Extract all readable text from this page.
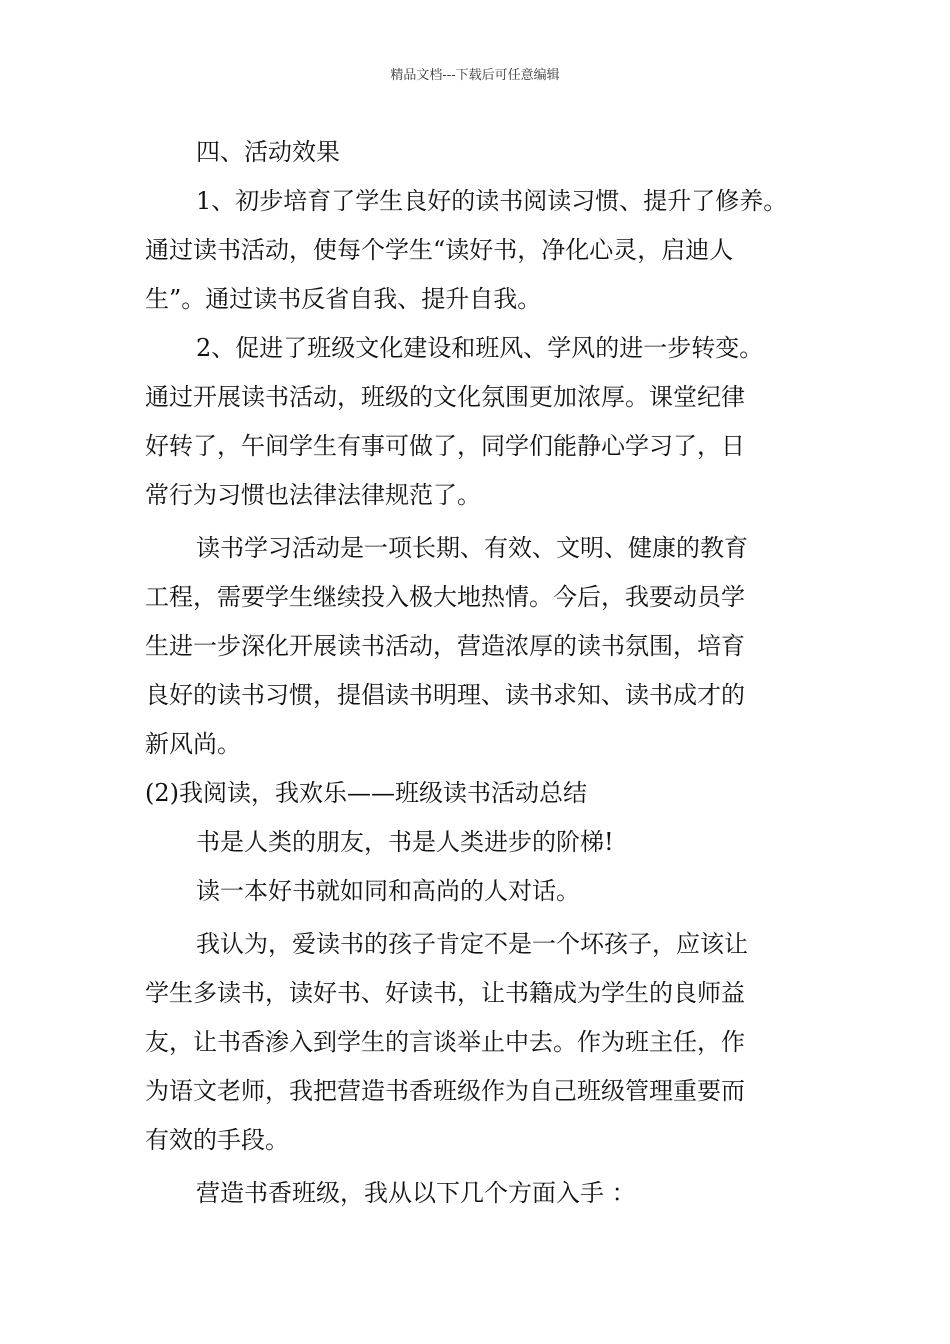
精品文档---下载后可任意编辑

四、活动效果

1、初步培育了学生良好的读书阅读习惯、提升了修养。

通过读书活动，使每个学生“读好书，净化心灵，启迪人

生”。通过读书反省自我、提升自我。

2、促进了班级文化建设和班风、学风的进一步转变。

通过开展读书活动，班级的文化氛围更加浓厚。课堂纪律

好转了，午间学生有事可做了，同学们能静心学习了，日

常行为习惯也法律法律规范了。

读书学习活动是一项长期、有效、文明、健康的教育

工程，需要学生继续投入极大地热情。今后，我要动员学

生进一步深化开展读书活动，营造浓厚的读书氛围，培育

良好的读书习惯，提倡读书明理、读书求知、读书成才的

新风尚。

(2)我阅读，我欢乐——班级读书活动总结

书是人类的朋友，书是人类进步的阶梯!

读一本好书就如同和高尚的人对话。

我认为，爱读书的孩子肯定不是一个坏孩子，应该让

学生多读书，读好书、好读书，让书籍成为学生的良师益

友，让书香渗入到学生的言谈举止中去。作为班主任，作

为语文老师，我把营造书香班级作为自己班级管理重要而

有效的手段。

营造书香班级，我从以下几个方面入手 ：
